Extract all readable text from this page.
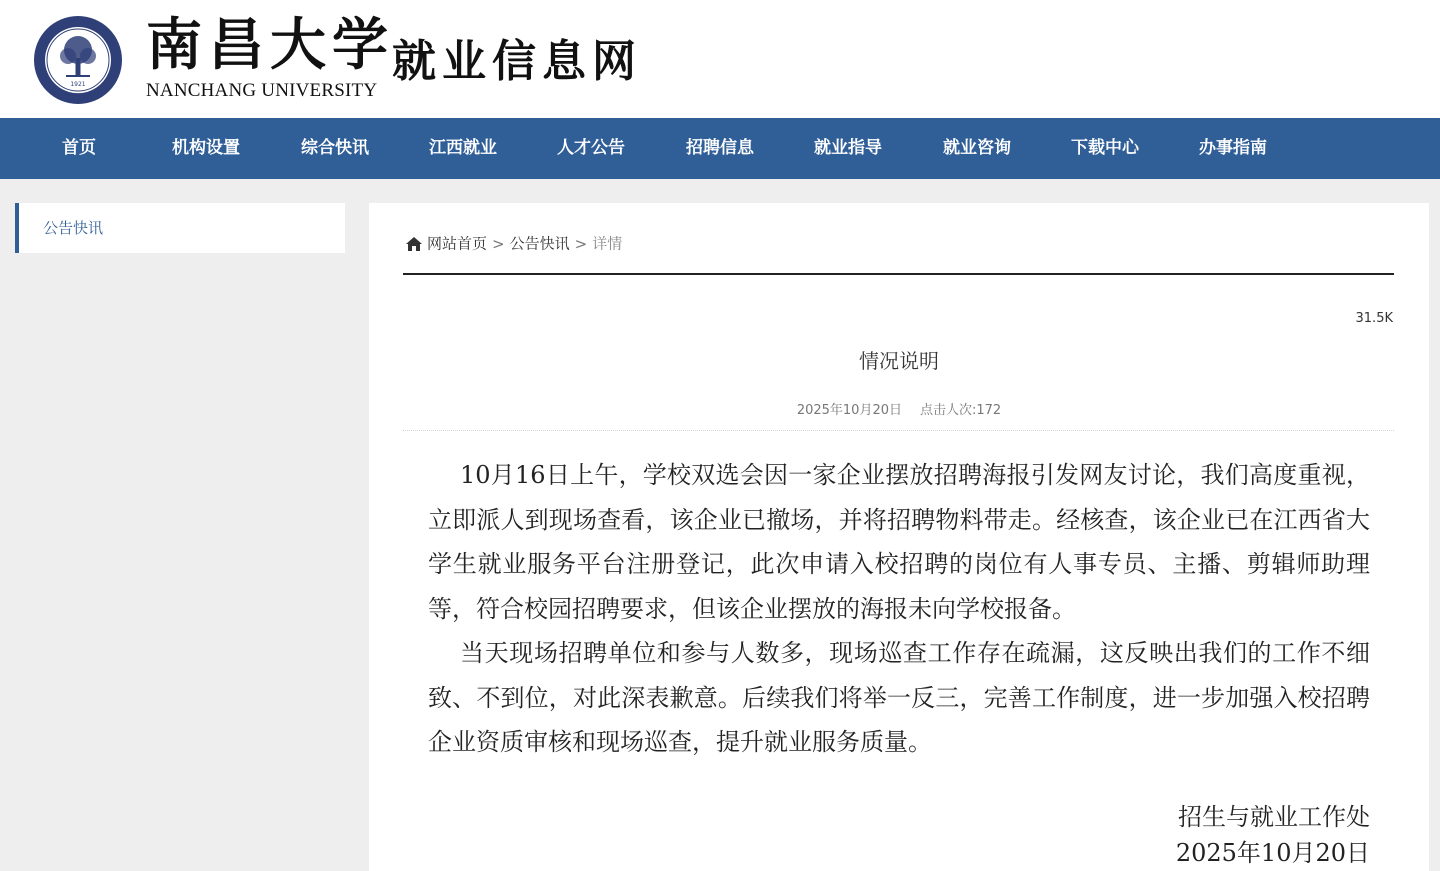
1921
南昌大学
NANCHANG UNIVERSITY
就业信息网
首页	机构设置	综合快讯	江西就业	人才公告	招聘信息	就业指导	就业咨询	下载中心	办事指南
公告快讯
网站首页 > 公告快讯 > 详情
31.5K
情况说明
2025年10月20日 点击人次:172

10月16日上午，学校双选会因一家企业摆放招聘海报引发网友讨论，我们高度重视，立即派人到现场查看，该企业已撤场，并将招聘物料带走。经核查，该企业已在江西省大学生就业服务平台注册登记，此次申请入校招聘的岗位有人事专员、主播、剪辑师助理等，符合校园招聘要求，但该企业摆放的海报未向学校报备。

当天现场招聘单位和参与人数多，现场巡查工作存在疏漏，这反映出我们的工作不细致、不到位，对此深表歉意。后续我们将举一反三，完善工作制度，进一步加强入校招聘企业资质审核和现场巡查，提升就业服务质量。

招生与就业工作处
2025年10月20日
